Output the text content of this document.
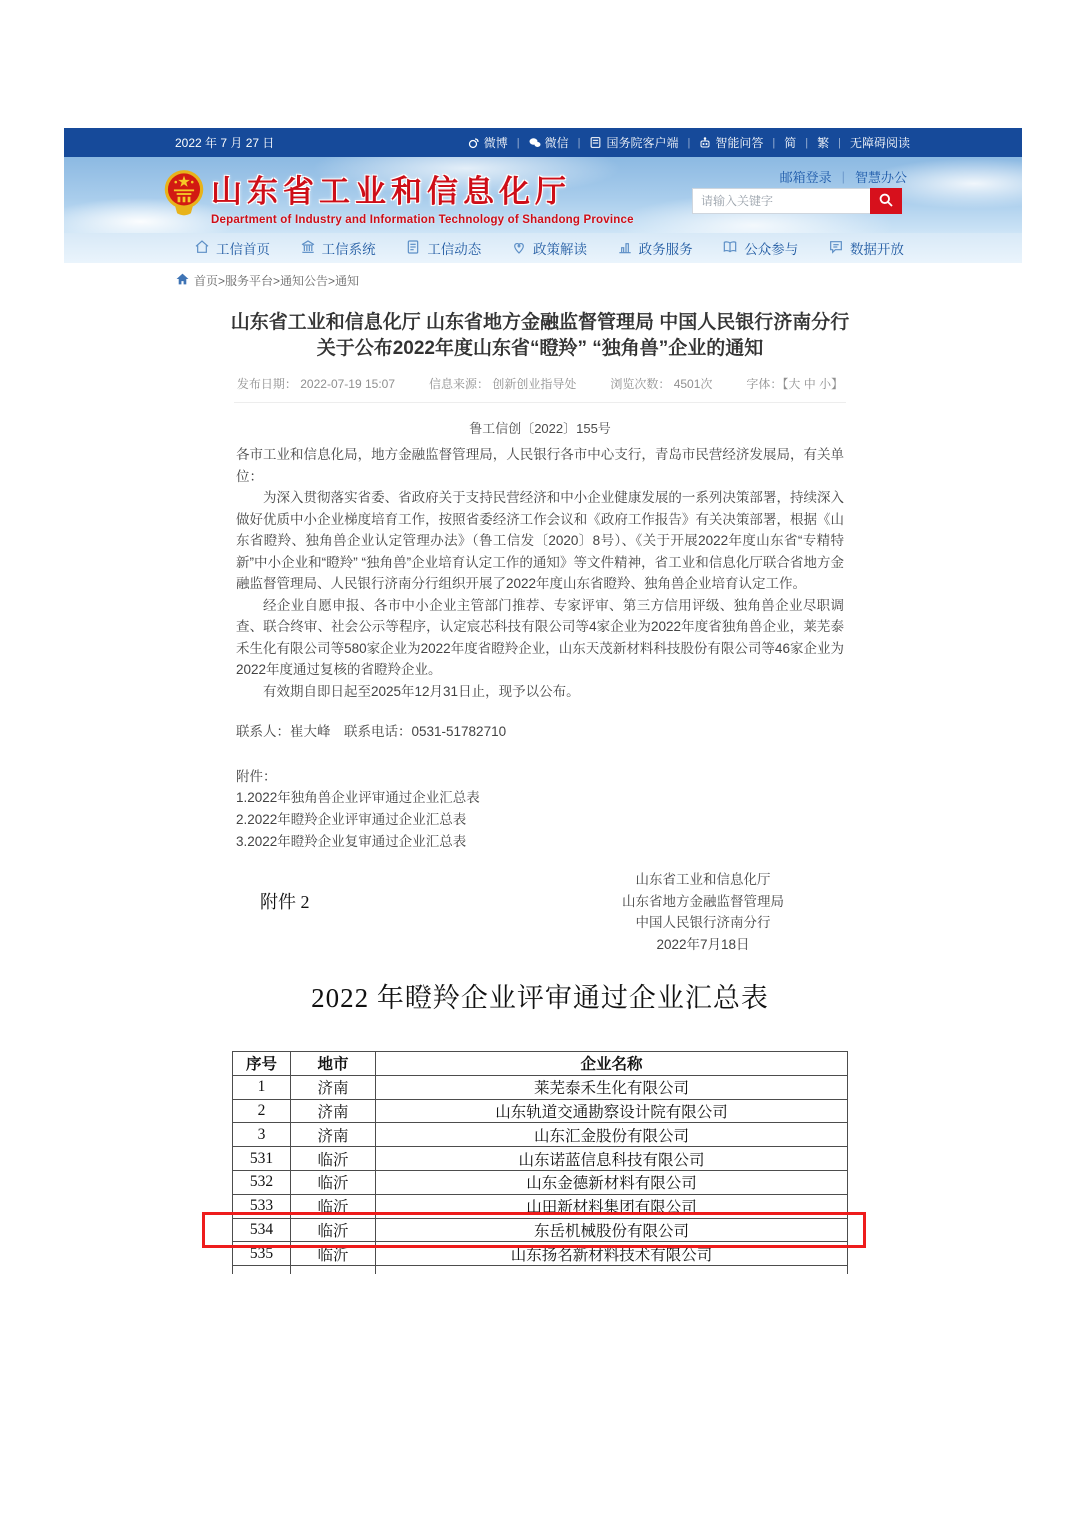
2022 年 7 月 27 日	微博 | 微信 | 国务院客户端 | 智能问答 | 简 | 繁 | 无障碍阅读
山东省工业和信息化厅
Department of Industry and Information Technology of Shandong Province
邮箱登录 | 智慧办公
请输入关键字
工信首页	工信系统	工信动态	政策解读	政务服务	公众参与	数据开放
首页>服务平台>通知公告>通知
山东省工业和信息化厅 山东省地方金融监督管理局 中国人民银行济南分行
关于公布2022年度山东省“瞪羚” “独角兽”企业的通知
发布日期： 2022-07-19 15:07	信息来源： 创新创业指导处	浏览次数： 4501次	字体：【大 中 小】
鲁工信创〔2022〕155号

各市工业和信息化局，地方金融监督管理局，人民银行各市中心支行，青岛市民营经济发展局，有关单位：

为深入贯彻落实省委、省政府关于支持民营经济和中小企业健康发展的一系列决策部署，持续深入做好优质中小企业梯度培育工作，按照省委经济工作会议和《政府工作报告》有关决策部署，根据《山东省瞪羚、独角兽企业认定管理办法》（鲁工信发〔2020〕8号）、《关于开展2022年度山东省“专精特新”中小企业和“瞪羚” “独角兽”企业培育认定工作的通知》等文件精神，省工业和信息化厅联合省地方金融监督管理局、人民银行济南分行组织开展了2022年度山东省瞪羚、独角兽企业培育认定工作。

经企业自愿申报、各市中小企业主管部门推荐、专家评审、第三方信用评级、独角兽企业尽职调查、联合终审、社会公示等程序，认定宸芯科技有限公司等4家企业为2022年度省独角兽企业，莱芜泰禾生化有限公司等580家企业为2022年度省瞪羚企业，山东天茂新材料科技股份有限公司等46家企业为2022年度通过复核的省瞪羚企业。

有效期自即日起至2025年12月31日止，现予以公布。

联系人：崔大峰　联系电话：0531-51782710

附件：

1.2022年独角兽企业评审通过企业汇总表
2.2022年瞪羚企业评审通过企业汇总表
3.2022年瞪羚企业复审通过企业汇总表
山东省工业和信息化厅
山东省地方金融监督管理局
中国人民银行济南分行
2022年7月18日
附件 2
2022 年瞪羚企业评审通过企业汇总表
序号	地市	企业名称
1	济南	莱芜泰禾生化有限公司
2	济南	山东轨道交通勘察设计院有限公司
3	济南	山东汇金股份有限公司
531	临沂	山东诺蓝信息科技有限公司
532	临沂	山东金德新材料有限公司
533	临沂	山田新材料集团有限公司
534	临沂	东岳机械股份有限公司
535	临沂	山东扬名新材料技术有限公司
